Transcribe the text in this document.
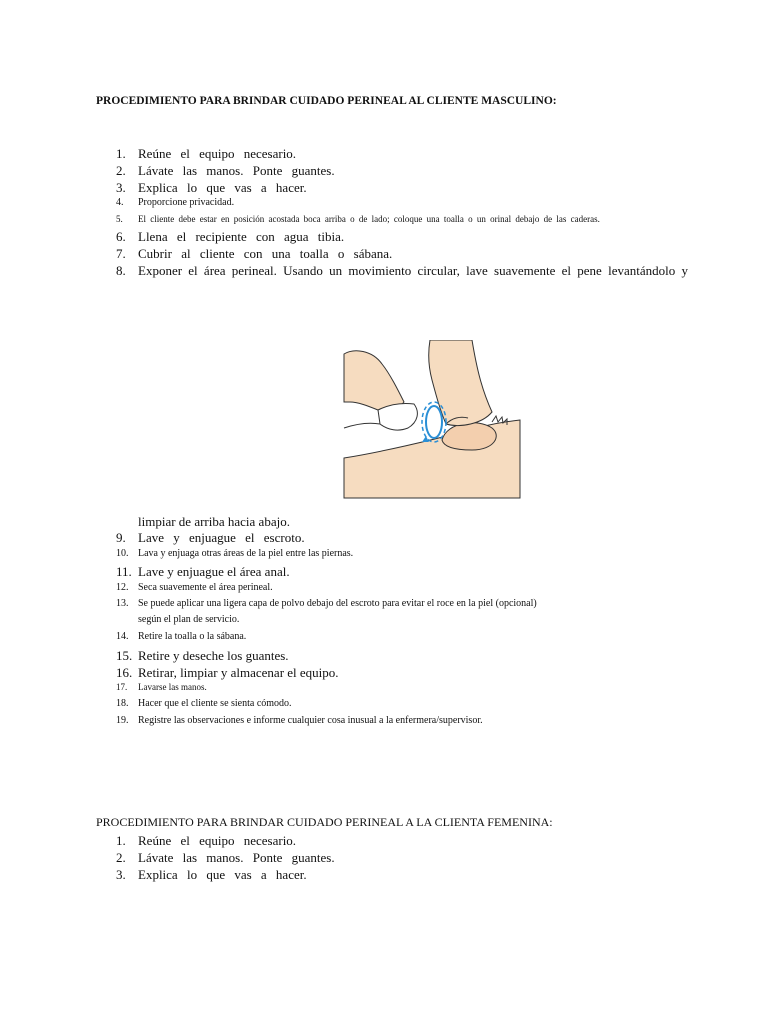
PROCEDIMIENTO PARA BRINDAR CUIDADO PERINEAL AL CLIENTE MASCULINO:
1. Reúne el equipo necesario.
2. Lávate las manos. Ponte guantes.
3. Explica lo que vas a hacer.
4. Proporcione privacidad.
5. El cliente debe estar en posición acostada boca arriba o de lado; coloque una toalla o un orinal debajo de las caderas.
6. Llena el recipiente con agua tibia.
7. Cubrir al cliente con una toalla o sábana.
8. Exponer el área perineal. Usando un movimiento circular, lave suavemente el pene levantándolo y
limpiar de arriba hacia abajo.
9. Lave y enjuague el escroto.
10. Lava y enjuaga otras áreas de la piel entre las piernas.
11. Lave y enjuague el área anal.
12. Seca suavemente el área perineal.
13. Se puede aplicar una ligera capa de polvo debajo del escroto para evitar el roce en la piel (opcional)
según el plan de servicio.
14. Retire la toalla o la sábana.
15. Retire y deseche los guantes.
16. Retirar, limpiar y almacenar el equipo.
17. Lavarse las manos.
18. Hacer que el cliente se sienta cómodo.
19. Registre las observaciones e informe cualquier cosa inusual a la enfermera/supervisor.
PROCEDIMIENTO PARA BRINDAR CUIDADO PERINEAL A LA CLIENTA FEMENINA:
1. Reúne el equipo necesario.
2. Lávate las manos. Ponte guantes.
3. Explica lo que vas a hacer.
